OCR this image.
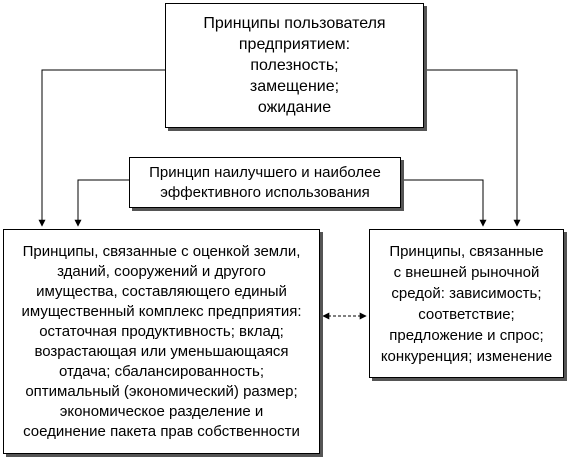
Принципы пользователя
предприятием:
полезность;
замещение;
ожидание
Принцип наилучшего и наиболее
эффективного использования
Принципы, связанные с оценкой земли,
зданий, сооружений и другого
имущества, составляющего единый
имущественный комплекс предприятия:
остаточная продуктивность; вклад;
возрастающая или уменьшающаяся
отдача; сбалансированность;
оптимальный (экономический) размер;
экономическое разделение и
соединение пакета прав собственности
Принципы, связанные
с внешней рыночной
средой: зависимость;
соответствие;
предложение и спрос;
конкуренция; изменение
